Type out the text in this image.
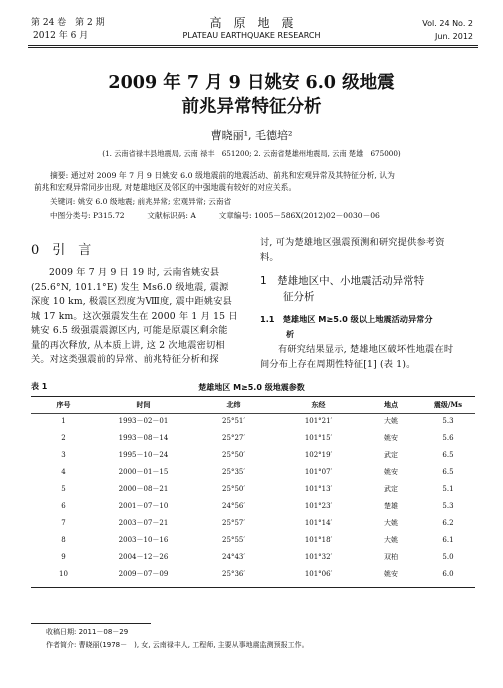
第 24 卷　第 2 期
2012 年 6 月
高　原　地　震
PLATEAU EARTHQUAKE RESEARCH
Vol. 24 No. 2
Jun. 2012
2009 年 7 月 9 日姚安 6.0 级地震
前兆异常特征分析
曹晓丽¹, 毛德培²
(1. 云南省禄丰县地震局, 云南 禄丰　651200; 2. 云南省楚雄州地震局, 云南 楚雄　675000)
摘要: 通过对 2009 年 7 月 9 日姚安 6.0 级地震前的地震活动、前兆和宏观异常及其特征分析, 认为
前兆和宏观异常同步出现, 对楚雄地区及邻区的中强地震有较好的对应关系。
关键词: 姚安 6.0 级地震; 前兆异常; 宏观异常; 云南省
中图分类号: P315.72　　　文献标识码: A　　　文章编号: 1005－586X(2012)02－0030－06
0　引　言
2009 年 7 月 9 日 19 时, 云南省姚安县
(25.6°N, 101.1°E) 发生 Ms6.0 级地震, 震源
深度 10 km, 极震区烈度为Ⅷ度, 震中距姚安县
城 17 km。这次强震发生在 2000 年 1 月 15 日
姚安 6.5 级强震震源区内, 可能是原震区剩余能
量的再次释放, 从本质上讲, 这 2 次地震密切相
关。对这类强震前的异常、前兆特征分析和探
讨, 可为楚雄地区强震预测和研究提供参考资
料。
1　楚雄地区中、小地震活动异常特
征分析
1.1　楚雄地区 M≥5.0 级以上地震活动异常分
析
有研究结果显示, 楚雄地区破坏性地震在时
间分布上存在周期性特征[1] (表 1)。
表 1	楚雄地区 M≥5.0 级地震参数
序号	时间	北纬	东经	地点	震级/Ms
1	1993－02－01	25°51′	101°21′	大姚	5.3
2	1993－08－14	25°27′	101°15′	姚安	5.6
3	1995－10－24	25°50′	102°19′	武定	6.5
4	2000－01－15	25°35′	101°07′	姚安	6.5
5	2000－08－21	25°50′	101°13′	武定	5.1
6	2001－07－10	24°56′	101°23′	楚雄	5.3
7	2003－07－21	25°57′	101°14′	大姚	6.2
8	2003－10－16	25°55′	101°18′	大姚	6.1
9	2004－12－26	24°43′	101°32′	双柏	5.0
10	2009－07－09	25°36′	101°06′	姚安	6.0
收稿日期: 2011－08－29
作者简介: 曹晓丽(1978－　), 女, 云南禄丰人, 工程师, 主要从事地震监测预报工作。
